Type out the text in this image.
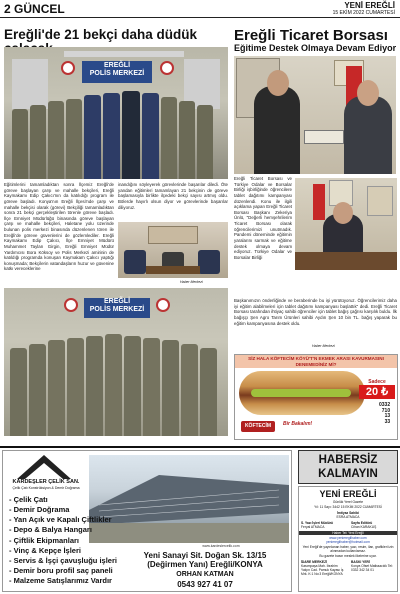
2 GÜNCEL	YENİ EREĞLİ
15 EKİM 2022 CUMARTESİ
Ereğli'de 21 bekçi daha düdük
EREĞLİ
POLİS MERKEZİ
Eğitimlerini tamamladıktan sonra İlçemiz Ereğli'de göreve başlayan çarşı ve mahalle bekçileri, Ereğli Kaymakamı Edip Çakıcı'nın da katılıdığı program ile göreve başladı. Konya'nın Ereğli İlçesi'nde çarşı ve mahalle bekçisi olarak (görevi) Bekçiliği tamamladıktan sonra 21 bekçi gerçekleştirilen törenle göreve başladı. İlçe Emniyet Müdürlüğü binasında göreve başlayan çarşı ve mahalle bekçileri, Haletane yolu üzerinde bulunan polis merkezi binasında düzenlenen tören ile Ereğli'de göreve güvenlerini de gözlemlediler. Ereğli Kaymakamı Edip Çakıcı, İlçe Emniyet Müdürü Muhammet Taylan Girgin, Ereğli Emniyet Müdür Yardımcısı Bora Köksoy ve Polis Merkezi amirinin de katıldığı programda konuşan Kaymakam Çakıcı yaptığı konuşmada; Bekçilerin vatandaşların huzur ve güvenine katkı vereceklerine
inandığını söyleyerek görevlerinde başarılar diledi. Öte yandan eğitimleri tamamlayan 21 bekçinin de göreve başlamasıyla birlikte ilçedeki bekçi sayısı artmış oldu. Bölerde hayırlı olsun diyor ve görevlerinde başarılar diliyoruz.
Haber Merkezi
EREĞLİ
POLİS MERKEZİ
Ereğli Ticaret Borsası
Eğitime Destek Olmaya Devam Ediyor
Ereğli Ticaret Borsası ve Türkiye Odalar ve Borsalar Birliği işbirliğinde öğrencilere tablet dağıtımı kampanyası düzenlendi. Konu ile ilgili açıklama yapan Ereğli Ticaret Borsası Başkanı Zekeriya Ünlü, "Değerli hemşehrilerim Ticaret Borsası olarak öğrencilerimizi unutmadık. Pandemi döneminde eğitimin yaralarını sarmak ve eğitime destek olmaya devam ediyoruz. Türkiye Odalar ve Borsalar Birliği
Başkanımızın önderliğinde ve beraberinde bu işi yürütüyoruz. Öğrencilerimiz daha iyi eğitim alabilmeleri için tablet dağıtımı kampanyası başlattık" dedi. Ereğli Ticaret Borsası tarafından ihtiyaç sahibi öğrenciler için tablet bağış çağrısı karşılık buldu. İlk bağışçı Şen Agro Tarım Ürünleri sahibi Aydın Şen 10 bin TL. bağış yaparak bu eğitim kampanyasına destek oldu.
Haber Merkezi
SİZ HALA KÖFTECİM KÖYÜ'T'N EKMEK ARASI KAVURMASINI DENEMEDİNİZ Mİ?
Sadece
20 ₺
KÖFTECİM	Bir Bakalım!
0332
710
13
33
KARDEŞLER ÇELİK SAN.
Çelik Çatı Konstrüksiyon & Demir Doğrama
- Çelik Çatı
- Demir Doğrama
- Yan Açık ve Kapalı Çiftlikler
- Depo & Balya Hangarı
- Çiftlik Ekipmanları
- Vinç & Kepçe İşleri
- Servis & İşçi çavuşluğu işleri
- Demir boru profil saç paneli
- Malzeme Satışlarımız Vardır
www.kardeslercelik.com
Yeni Sanayi Sit. Doğan Sk. 13/15
(Değirmen Yanı) Ereğli/KONYA
ORHAN KATMAN
0543 927 41 07
HABERSİZ
KALMAYIN
YENİ EREĞLİ
Günlük Yerel Gazete
Yıl: 11 Sayı: 3442 15 EKİM 2022 CUMARTESİ
İmtiyaz Sahibi
ESRA ATMACA
S. Yazı İşleri Müdürü
Feryal ATMACA
Sayfa Editörü
Cihan KARAKUŞ
Haber Tel: Yeni Ereğli
www.yeniereglihaber.com
yeniereglihaber@hotmail.com
Yeni Ereğli'de yayınlanan haber, yazı, resim, ilan, grafikleri izin alınmadan kullanılamaz.
Bu gazete basın meslek ilkelerine uyar.
İDARE MERKEZİ
Kasımpaşa Mah. İbrahim Yalçın Cad. Pamuk Kayası İş Mrk. K:1 No:3 Ereğli/KONYA
BASKI YERİ
Konya Ofset Matbaacılık Tel: 0332 342 34 01
